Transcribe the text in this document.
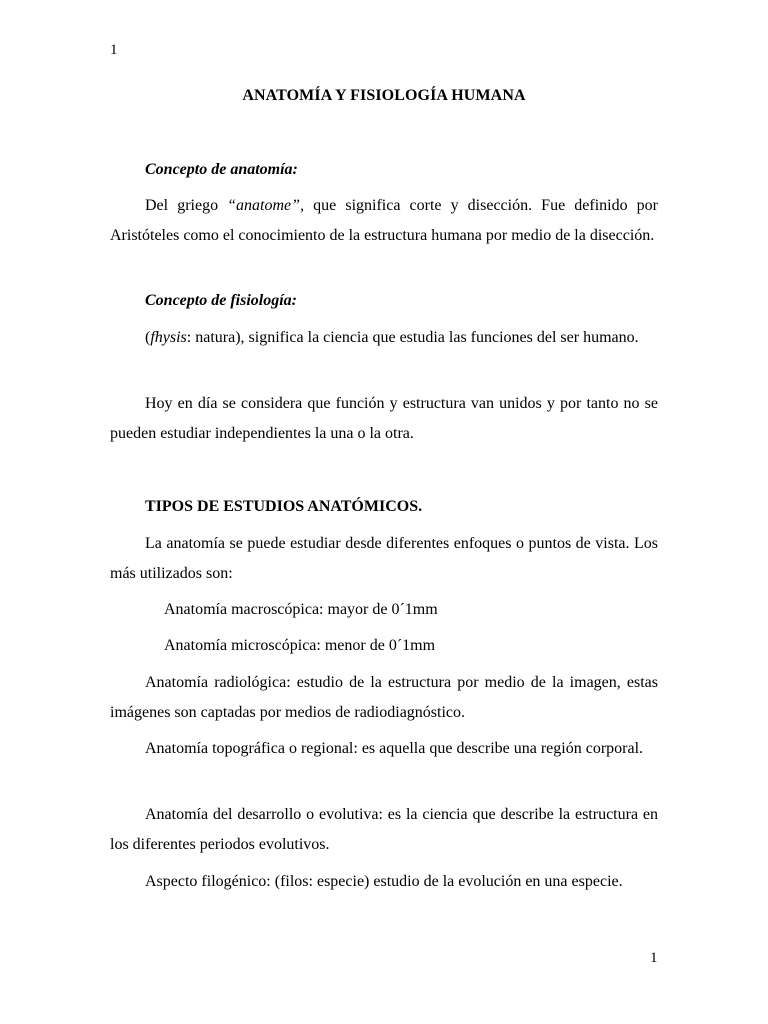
1
ANATOMÍA Y FISIOLOGÍA HUMANA

Concepto de anatomía:

Del griego “anatome”, que significa corte y disección. Fue definido por Aristóteles como el conocimiento de la estructura humana por medio de la disección.

Concepto de fisiología:

(fhysis: natura), significa la ciencia que estudia las funciones del ser humano.

Hoy en día se considera que función y estructura van unidos y por tanto no se pueden estudiar independientes la una o la otra.

TIPOS DE ESTUDIOS ANATÓMICOS.

La anatomía se puede estudiar desde diferentes enfoques o puntos de vista. Los más utilizados son:

Anatomía macroscópica: mayor de 0´1mm

Anatomía microscópica: menor de 0´1mm

Anatomía radiológica: estudio de la estructura por medio de la imagen, estas imágenes son captadas por medios de radiodiagnóstico.

Anatomía topográfica o regional: es aquella que describe una región corporal.

Anatomía del desarrollo o evolutiva: es la ciencia que describe la estructura en los diferentes periodos evolutivos.

Aspecto filogénico: (filos: especie) estudio de la evolución en una especie.

1
